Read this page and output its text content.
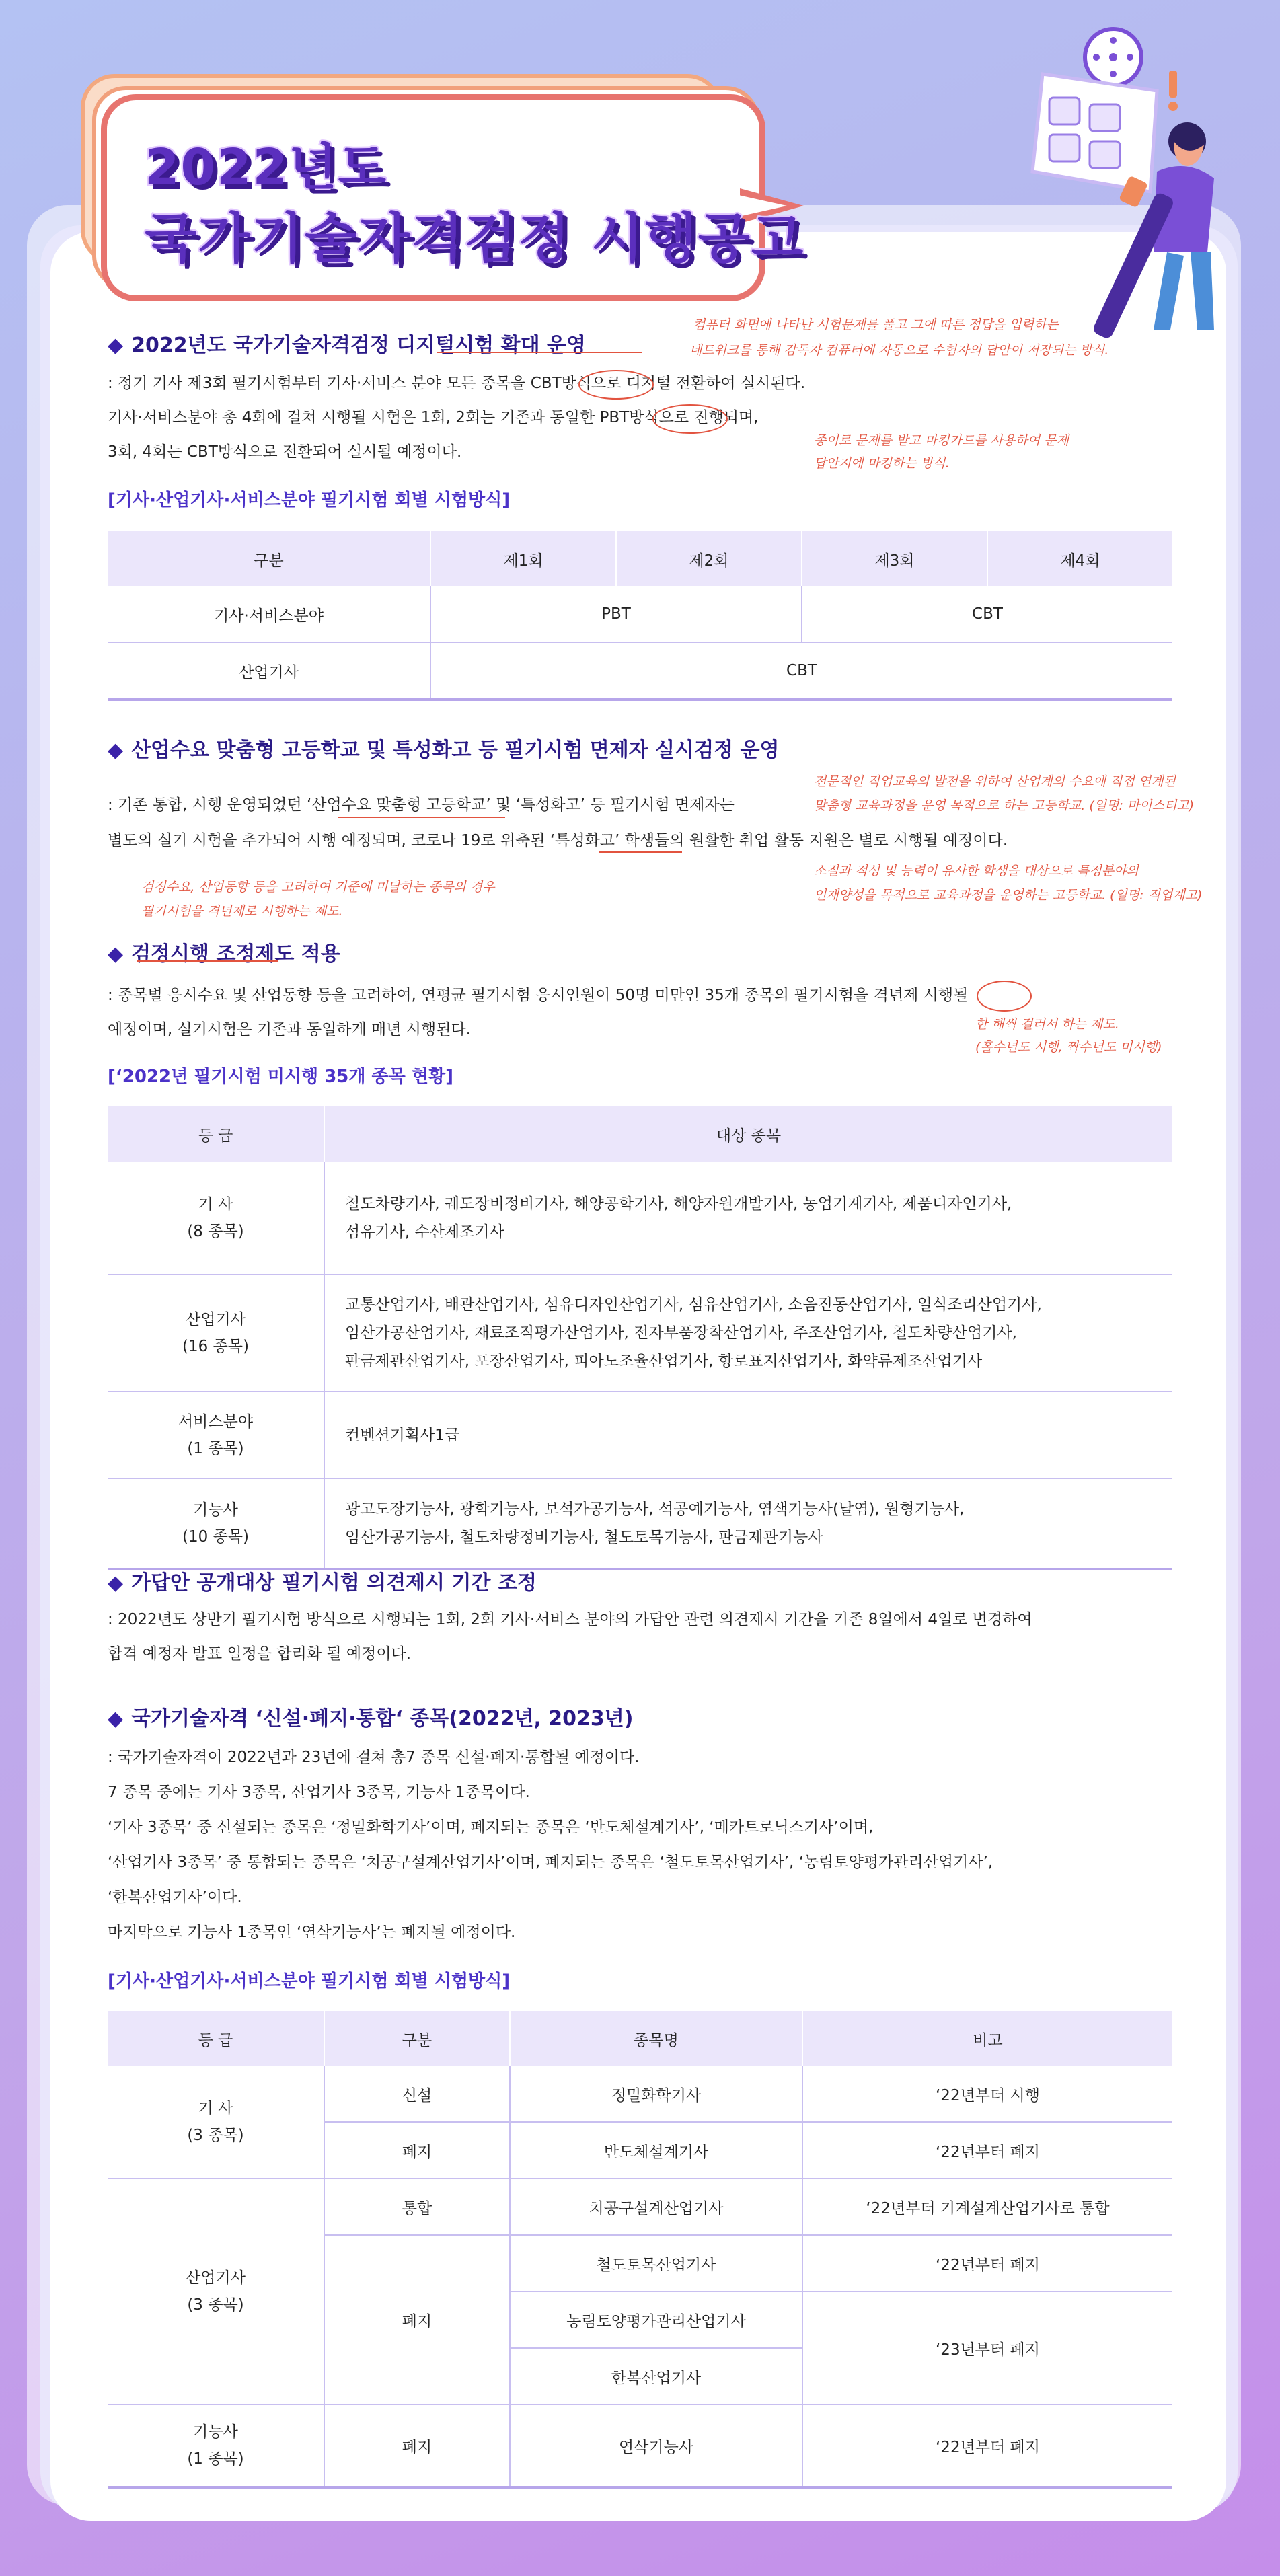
2022년도
국가기술자격검정 시행공고
◆ 2022년도 국가기술자격검정 디지털시험 확대 운영
컴퓨터 화면에 나타난 시험문제를 풀고 그에 따른 정답을 입력하는
네트워크를 통해 감독자 컴퓨터에 자동으로 수험자의 답안이 저장되는 방식.
: 정기 기사 제3회 필기시험부터 기사·서비스 분야 모든 종목을 CBT방식으로 디지털 전환하여 실시된다.
기사·서비스분야 총 4회에 걸쳐 시행될 시험은 1회, 2회는 기존과 동일한 PBT방식으로 진행되며,
3회, 4회는 CBT방식으로 전환되어 실시될 예정이다.
종이로 문제를 받고 마킹카드를 사용하여 문제
답안지에 마킹하는 방식.
[기사·산업기사·서비스분야 필기시험 회별 시험방식]
구분	제1회	제2회	제3회	제4회
기사·서비스분야	PBT		CBT	
산업기사	CBT			
◆ 산업수요 맞춤형 고등학교 및 특성화고 등 필기시험 면제자 실시검정 운영
전문적인 직업교육의 발전을 위하여 산업계의 수요에 직접 연계된
맞춤형 교육과정을 운영 목적으로 하는 고등학교. (일명: 마이스터고)
: 기존 통합, 시행 운영되었던 ‘산업수요 맞춤형 고등학교’ 및 ‘특성화고’ 등 필기시험 면제자는
별도의 실기 시험을 추가되어 시행 예정되며, 코로나 19로 위축된 ‘특성화고’ 학생들의 원활한 취업 활동 지원은 별로 시행될 예정이다.
소질과 적성 및 능력이 유사한 학생을 대상으로 특정분야의
인재양성을 목적으로 교육과정을 운영하는 고등학교. (일명: 직업계고)
검정수요, 산업동향 등을 고려하여 기준에 미달하는 종목의 경우
필기시험을 격년제로 시행하는 제도.
◆ 검정시행 조정제도 적용
: 종목별 응시수요 및 산업동향 등을 고려하여, 연평균 필기시험 응시인원이 50명 미만인 35개 종목의 필기시험을 격년제 시행될
예정이며, 실기시험은 기존과 동일하게 매년 시행된다.	한 해씩 걸러서 하는 제도.
(홀수년도 시행, 짝수년도 미시행)
[‘2022년 필기시험 미시행 35개 종목 현황]
등 급	대상 종목
기 사
(8 종목)	철도차량기사, 궤도장비정비기사, 해양공학기사, 해양자원개발기사, 농업기계기사, 제품디자인기사,
섬유기사, 수산제조기사
산업기사
(16 종목)	교통산업기사, 배관산업기사, 섬유디자인산업기사, 섬유산업기사, 소음진동산업기사, 일식조리산업기사,
임산가공산업기사, 재료조직평가산업기사, 전자부품장착산업기사, 주조산업기사, 철도차량산업기사,
판금제관산업기사, 포장산업기사, 피아노조율산업기사, 항로표지산업기사, 화약류제조산업기사
서비스분야
(1 종목)	컨벤션기획사1급
기능사
(10 종목)	광고도장기능사, 광학기능사, 보석가공기능사, 석공예기능사, 염색기능사(날염), 원형기능사,
임산가공기능사, 철도차량정비기능사, 철도토목기능사, 판금제관기능사
◆ 가답안 공개대상 필기시험 의견제시 기간 조정
: 2022년도 상반기 필기시험 방식으로 시행되는 1회, 2회 기사·서비스 분야의 가답안 관련 의견제시 기간을 기존 8일에서 4일로 변경하여
합격 예정자 발표 일정을 합리화 될 예정이다.
◆ 국가기술자격 ‘신설·폐지·통합‘ 종목(2022년, 2023년)
: 국가기술자격이 2022년과 23년에 걸쳐 총7 종목 신설·폐지·통합될 예정이다.
7 종목 중에는 기사 3종목, 산업기사 3종목, 기능사 1종목이다.
‘기사 3종목’ 중 신설되는 종목은 ‘정밀화학기사’이며, 폐지되는 종목은 ‘반도체설계기사’, ‘메카트로닉스기사’이며,
‘산업기사 3종목’ 중 통합되는 종목은 ‘치공구설계산업기사’이며, 폐지되는 종목은 ‘철도토목산업기사’, ‘농림토양평가관리산업기사’,
‘한복산업기사’이다.
마지막으로 기능사 1종목인 ‘연삭기능사’는 폐지될 예정이다.
[기사·산업기사·서비스분야 필기시험 회별 시험방식]
등 급	구분	종목명	비고
기 사
(3 종목)	신설	정밀화학기사	‘22년부터 시행
	폐지	반도체설계기사	‘22년부터 폐지
산업기사
(3 종목)	통합	치공구설계산업기사	‘22년부터 기계설계산업기사로 통합
	폐지	철도토목산업기사	‘22년부터 폐지
		농림토양평가관리산업기사	‘23년부터 폐지
		한복산업기사	
기능사
(1 종목)	폐지	연삭기능사	‘22년부터 폐지
